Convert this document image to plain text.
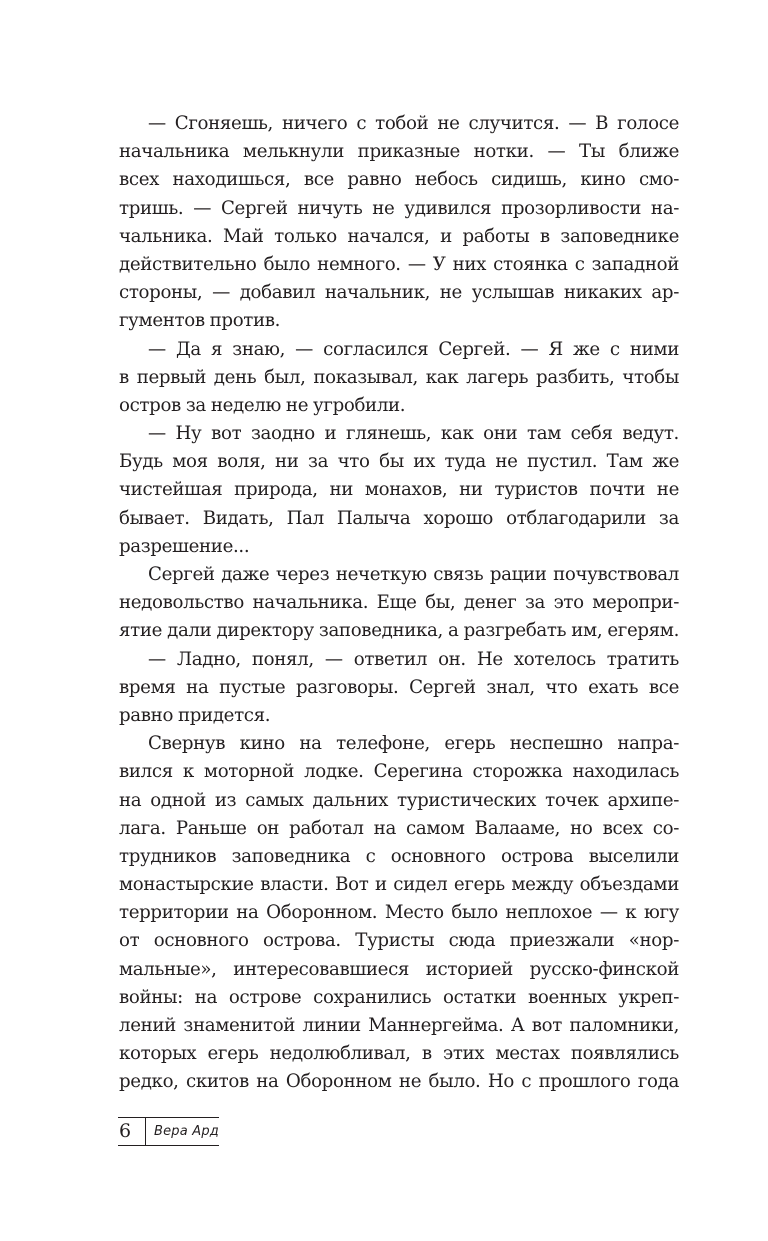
— Сгоняешь, ничего с тобой не случится. — В голосе
начальника мелькнули приказные нотки. — Ты ближе
всех находишься, все равно небось сидишь, кино смо-
тришь. — Сергей ничуть не удивился прозорливости на-
чальника. Май только начался, и работы в заповеднике
действительно было немного. — У них стоянка с западной
стороны, — добавил начальник, не услышав никаких ар-
гументов против.
— Да я знаю, — согласился Сергей. — Я же с ними
в первый день был, показывал, как лагерь разбить, чтобы
остров за неделю не угробили.
— Ну вот заодно и глянешь, как они там себя ведут.
Будь моя воля, ни за что бы их туда не пустил. Там же
чистейшая природа, ни монахов, ни туристов почти не
бывает. Видать, Пал Палыча хорошо отблагодарили за
разрешение...
Сергей даже через нечеткую связь рации почувствовал
недовольство начальника. Еще бы, денег за это меропри-
ятие дали директору заповедника, а разгребать им, егерям.
— Ладно, понял, — ответил он. Не хотелось тратить
время на пустые разговоры. Сергей знал, что ехать все
равно придется.
Свернув кино на телефоне, егерь неспешно напра-
вился к моторной лодке. Серегина сторожка находилась
на одной из самых дальних туристических точек архипе-
лага. Раньше он работал на самом Валааме, но всех со-
трудников заповедника с основного острова выселили
монастырские власти. Вот и сидел егерь между объездами
территории на Оборонном. Место было неплохое — к югу
от основного острова. Туристы сюда приезжали «нор-
мальные», интересовавшиеся историей русско-финской
войны: на острове сохранились остатки военных укреп-
лений знаменитой линии Маннергейма. А вот паломники,
которых егерь недолюбливал, в этих местах появлялись
редко, скитов на Оборонном не было. Но с прошлого года
6	Вера Ард
